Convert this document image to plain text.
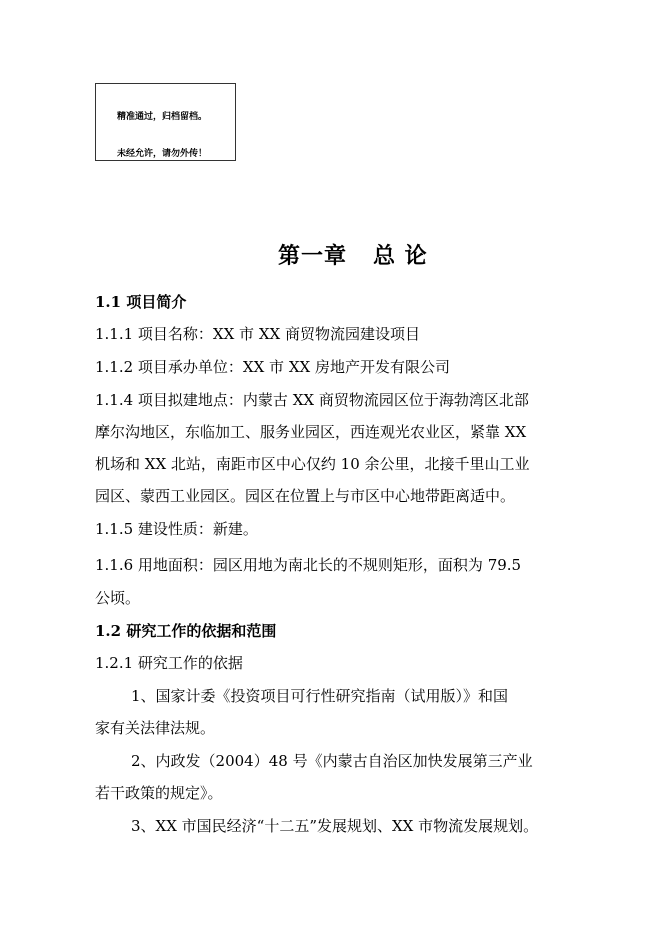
精准通过，归档留档。
未经允许，请勿外传！
第一章   总 论
1.1 项目简介
1.1.1 项目名称：XX 市 XX 商贸物流园建设项目
1.1.2 项目承办单位：XX 市 XX 房地产开发有限公司
1.1.4 项目拟建地点：内蒙古 XX 商贸物流园区位于海勃湾区北部
摩尔沟地区，东临加工、服务业园区，西连观光农业区，紧靠 XX
机场和 XX 北站，南距市区中心仅约 10 余公里，北接千里山工业
园区、蒙西工业园区。园区在位置上与市区中心地带距离适中。
1.1.5 建设性质：新建。
1.1.6 用地面积：园区用地为南北长的不规则矩形，面积为 79.5
公顷。
1.2 研究工作的依据和范围
1.2.1 研究工作的依据
1、国家计委《投资项目可行性研究指南（试用版）》和国
家有关法律法规。
2、内政发（2004）48 号《内蒙古自治区加快发展第三产业
若干政策的规定》。
3、XX 市国民经济“十二五”发展规划、XX 市物流发展规划。
